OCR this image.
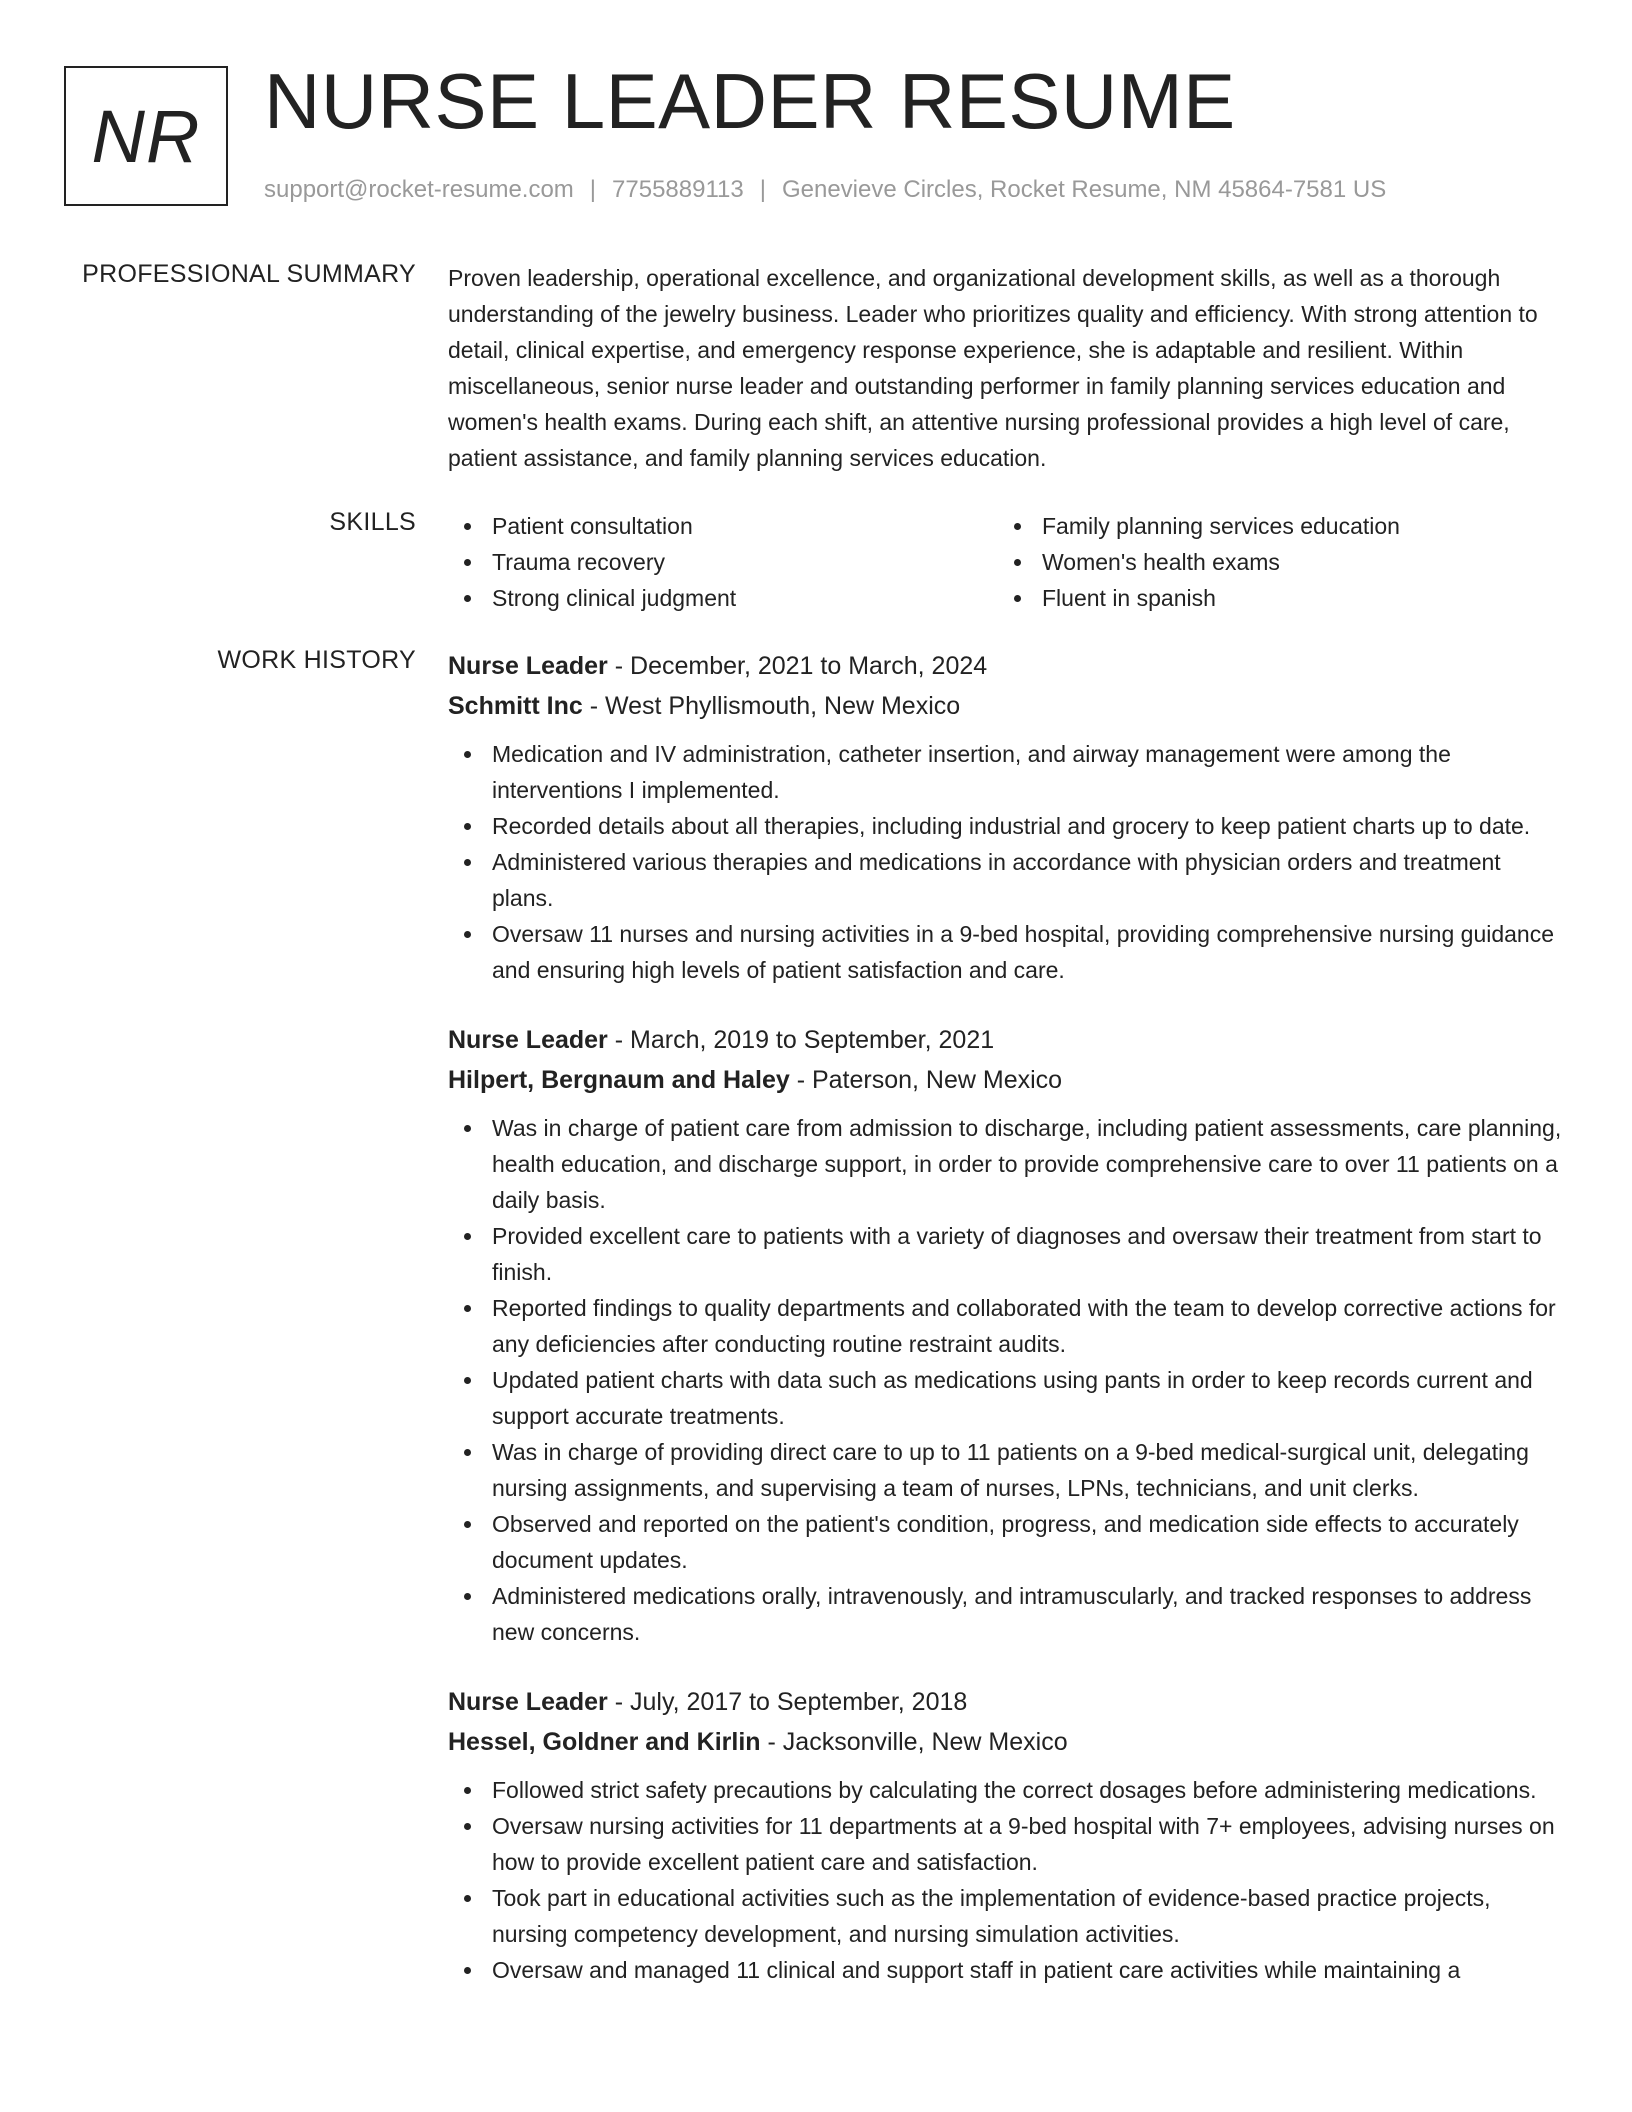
NR NURSE LEADER RESUME
support@rocket-resume.com | 7755889113 | Genevieve Circles, Rocket Resume, NM 45864-7581 US
PROFESSIONAL SUMMARY Proven leadership, operational excellence, and organizational development skills, as well as a thorough understanding of the jewelry business. Leader who prioritizes quality and efficiency. With strong attention to detail, clinical expertise, and emergency response experience, she is adaptable and resilient. Within miscellaneous, senior nurse leader and outstanding performer in family planning services education and women's health exams. During each shift, an attentive nursing professional provides a high level of care, patient assistance, and family planning services education.

SKILLS	Patient consultation
Trauma recovery
Strong clinical judgment
Family planning services education
Women's health exams
Fluent in spanish
WORK HISTORY Nurse Leader - December, 2021 to March, 2024
Schmitt Inc - West Phyllismouth, New Mexico
Medication and IV administration, catheter insertion, and airway management were among the interventions I implemented.
Recorded details about all therapies, including industrial and grocery to keep patient charts up to date.
Administered various therapies and medications in accordance with physician orders and treatment plans.
Oversaw 11 nurses and nursing activities in a 9-bed hospital, providing comprehensive nursing guidance and ensuring high levels of patient satisfaction and care.
Nurse Leader - March, 2019 to September, 2021
Hilpert, Bergnaum and Haley - Paterson, New Mexico
Was in charge of patient care from admission to discharge, including patient assessments, care planning, health education, and discharge support, in order to provide comprehensive care to over 11 patients on a daily basis.
Provided excellent care to patients with a variety of diagnoses and oversaw their treatment from start to finish.
Reported findings to quality departments and collaborated with the team to develop corrective actions for any deficiencies after conducting routine restraint audits.
Updated patient charts with data such as medications using pants in order to keep records current and support accurate treatments.
Was in charge of providing direct care to up to 11 patients on a 9-bed medical-surgical unit, delegating nursing assignments, and supervising a team of nurses, LPNs, technicians, and unit clerks.
Observed and reported on the patient's condition, progress, and medication side effects to accurately document updates.
Administered medications orally, intravenously, and intramuscularly, and tracked responses to address new concerns.
Nurse Leader - July, 2017 to September, 2018
Hessel, Goldner and Kirlin - Jacksonville, New Mexico
Followed strict safety precautions by calculating the correct dosages before administering medications.
Oversaw nursing activities for 11 departments at a 9-bed hospital with 7+ employees, advising nurses on how to provide excellent patient care and satisfaction.
Took part in educational activities such as the implementation of evidence-based practice projects, nursing competency development, and nursing simulation activities.
Oversaw and managed 11 clinical and support staff in patient care activities while maintaining a
